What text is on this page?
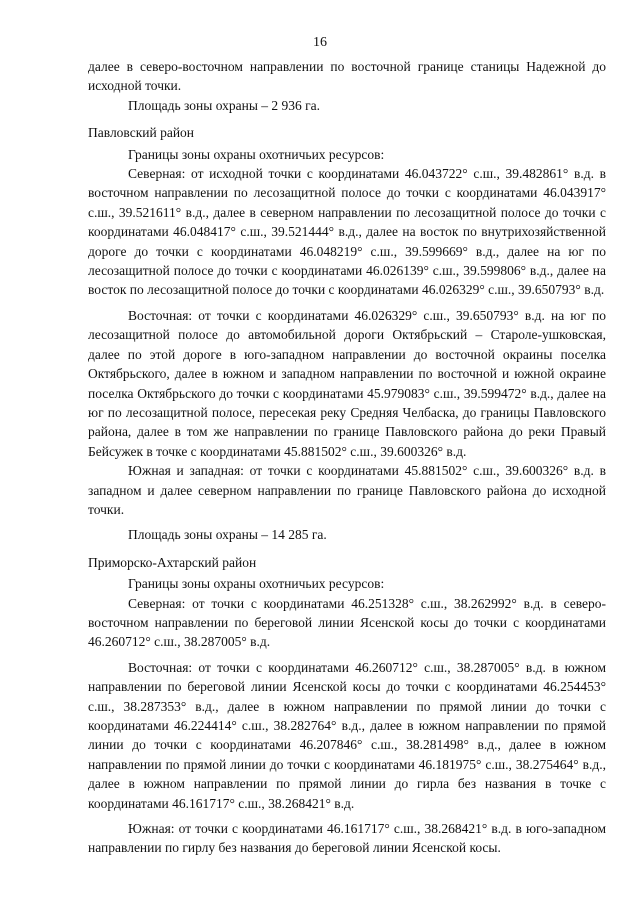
16

далее в северо-восточном направлении по восточной границе станицы Надежной до исходной точки.

Площадь зоны охраны – 2 936 га.

Павловский район

Границы зоны охраны охотничьих ресурсов:

Северная: от исходной точки с координатами 46.043722° с.ш., 39.482861° в.д. в восточном направлении по лесозащитной полосе до точки с координатами 46.043917° с.ш., 39.521611° в.д., далее в северном направлении по лесозащитной полосе до точки с координатами 46.048417° с.ш., 39.521444° в.д., далее на восток по внутрихозяйственной дороге до точки с координатами 46.048219° с.ш., 39.599669° в.д., далее на юг по лесозащитной полосе до точки с координатами 46.026139° с.ш., 39.599806° в.д., далее на восток по лесозащитной полосе до точки с координатами 46.026329° с.ш., 39.650793° в.д.

Восточная: от точки с координатами 46.026329° с.ш., 39.650793° в.д. на юг по лесозащитной полосе до автомобильной дороги Октябрьский – Староле-ушковская, далее по этой дороге в юго-западном направлении до восточной окраины поселка Октябрьского, далее в южном и западном направлении по восточной и южной окраине поселка Октябрьского до точки с координатами 45.979083° с.ш., 39.599472° в.д., далее на юг по лесозащитной полосе, пересекая реку Средняя Челбаска, до границы Павловского района, далее в том же направлении по границе Павловского района до реки Правый Бейсужек в точке с координатами 45.881502° с.ш., 39.600326° в.д.

Южная и западная: от точки с координатами 45.881502° с.ш., 39.600326° в.д. в западном и далее северном направлении по границе Павловского района до исходной точки.

Площадь зоны охраны – 14 285 га.

Приморско-Ахтарский район

Границы зоны охраны охотничьих ресурсов:

Северная: от точки с координатами 46.251328° с.ш., 38.262992° в.д. в северо-восточном направлении по береговой линии Ясенской косы до точки с координатами 46.260712° с.ш., 38.287005° в.д.

Восточная: от точки с координатами 46.260712° с.ш., 38.287005° в.д. в южном направлении по береговой линии Ясенской косы до точки с координатами 46.254453° с.ш., 38.287353° в.д., далее в южном направлении по прямой линии до точки с координатами 46.224414° с.ш., 38.282764° в.д., далее в южном направлении по прямой линии до точки с координатами 46.207846° с.ш., 38.281498° в.д., далее в южном направлении по прямой линии до точки с координатами 46.181975° с.ш., 38.275464° в.д., далее в южном направлении по прямой линии до гирла без названия в точке с координатами 46.161717° с.ш., 38.268421° в.д.

Южная: от точки с координатами 46.161717° с.ш., 38.268421° в.д. в юго-западном направлении по гирлу без названия до береговой линии Ясенской косы.
